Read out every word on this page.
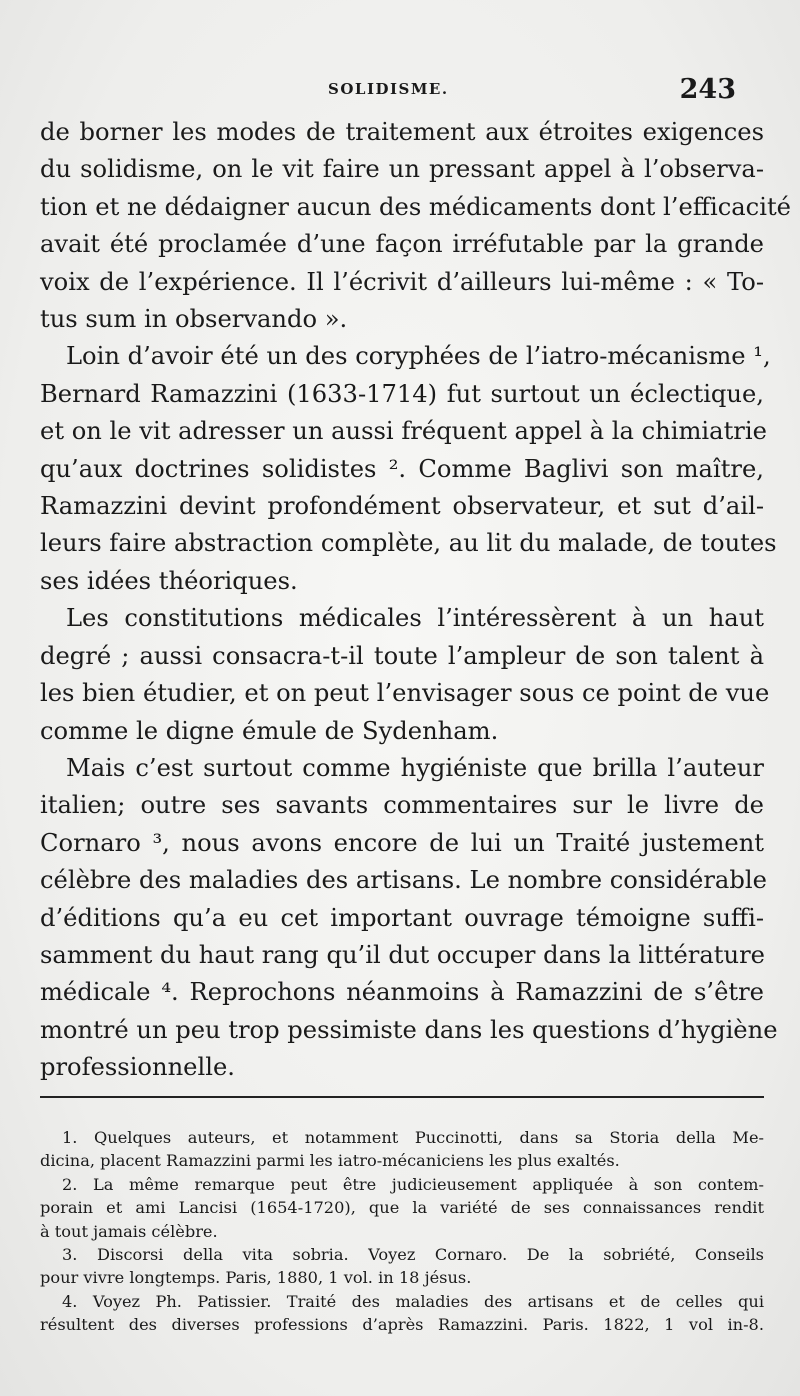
SOLIDISME.	243
de borner les modes de traitement aux étroites exigences
du solidisme, on le vit faire un pressant appel à l’observa-
tion et ne dédaigner aucun des médicaments dont l’efficacité
avait été proclamée d’une façon irréfutable par la grande
voix de l’expérience. Il l’écrivit d’ailleurs lui-même : « To-
tus sum in observando ».
Loin d’avoir été un des coryphées de l’iatro-mécanisme ¹,
Bernard Ramazzini (1633-1714) fut surtout un éclectique,
et on le vit adresser un aussi fréquent appel à la chimiatrie
qu’aux doctrines solidistes ². Comme Baglivi son maître,
Ramazzini devint profondément observateur, et sut d’ail-
leurs faire abstraction complète, au lit du malade, de toutes
ses idées théoriques.
Les constitutions médicales l’intéressèrent à un haut
degré ; aussi consacra-t-il toute l’ampleur de son talent à
les bien étudier, et on peut l’envisager sous ce point de vue
comme le digne émule de Sydenham.
Mais c’est surtout comme hygiéniste que brilla l’auteur
italien; outre ses savants commentaires sur le livre de
Cornaro ³, nous avons encore de lui un Traité justement
célèbre des maladies des artisans. Le nombre considérable
d’éditions qu’a eu cet important ouvrage témoigne suffi-
samment du haut rang qu’il dut occuper dans la littérature
médicale ⁴. Reprochons néanmoins à Ramazzini de s’être
montré un peu trop pessimiste dans les questions d’hygiène
professionnelle.
1. Quelques auteurs, et notamment Puccinotti, dans sa Storia della Me-
dicina, placent Ramazzini parmi les iatro-mécaniciens les plus exaltés.
2. La même remarque peut être judicieusement appliquée à son contem-
porain et ami Lancisi (1654-1720), que la variété de ses connaissances rendit
à tout jamais célèbre.
3. Discorsi della vita sobria. Voyez Cornaro. De la sobriété, Conseils
pour vivre longtemps. Paris, 1880, 1 vol. in 18 jésus.
4. Voyez Ph. Patissier. Traité des maladies des artisans et de celles qui
résultent des diverses professions d’après Ramazzini. Paris. 1822, 1 vol in-8.
